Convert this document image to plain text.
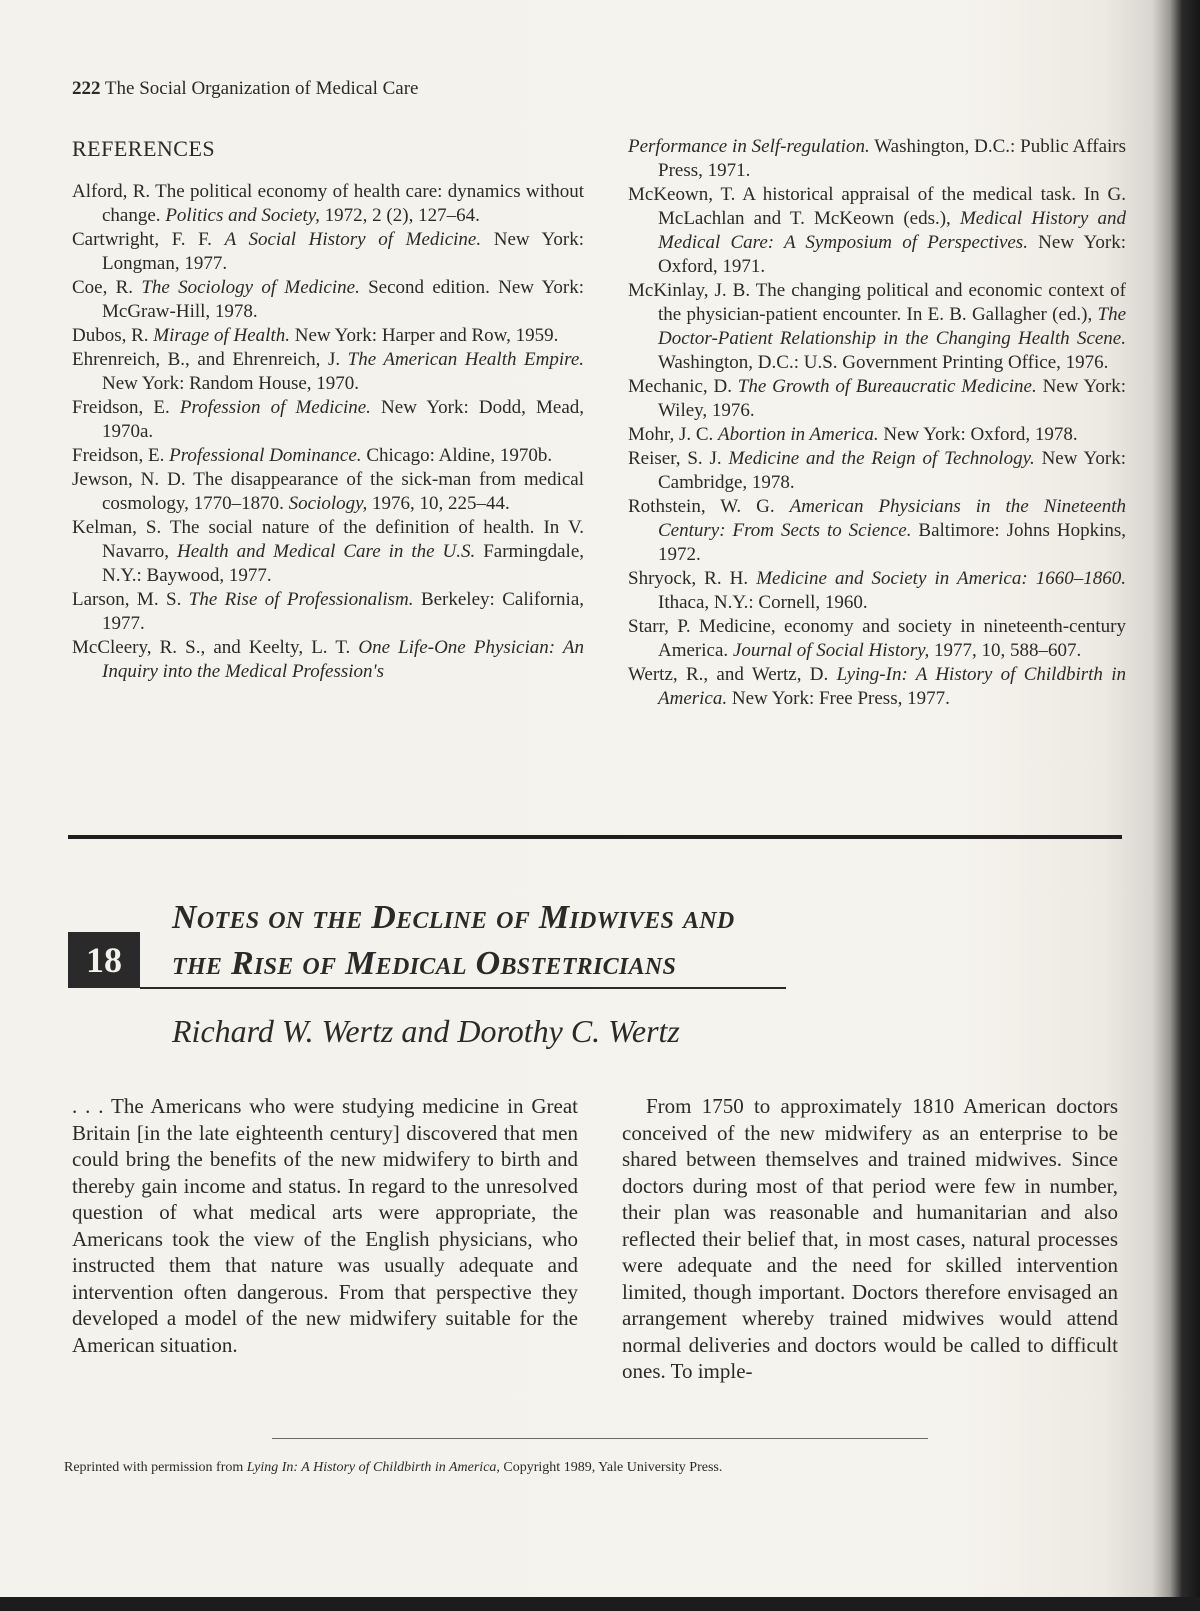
222 The Social Organization of Medical Care
REFERENCES

Alford, R. The political economy of health care: dynamics without change. Politics and Society, 1972, 2 (2), 127–64.

Cartwright, F. F. A Social History of Medicine. New York: Longman, 1977.

Coe, R. The Sociology of Medicine. Second edition. New York: McGraw-Hill, 1978.

Dubos, R. Mirage of Health. New York: Harper and Row, 1959.

Ehrenreich, B., and Ehrenreich, J. The American Health Empire. New York: Random House, 1970.

Freidson, E. Profession of Medicine. New York: Dodd, Mead, 1970a.

Freidson, E. Professional Dominance. Chicago: Aldine, 1970b.

Jewson, N. D. The disappearance of the sick-man from medical cosmology, 1770–1870. Sociology, 1976, 10, 225–44.

Kelman, S. The social nature of the definition of health. In V. Navarro, Health and Medical Care in the U.S. Farmingdale, N.Y.: Baywood, 1977.

Larson, M. S. The Rise of Professionalism. Berkeley: California, 1977.

McCleery, R. S., and Keelty, L. T. One Life-One Physician: An Inquiry into the Medical Profession's

Performance in Self-regulation. Washington, D.C.: Public Affairs Press, 1971.

McKeown, T. A historical appraisal of the medical task. In G. McLachlan and T. McKeown (eds.), Medical History and Medical Care: A Symposium of Perspectives. New York: Oxford, 1971.

McKinlay, J. B. The changing political and economic context of the physician-patient encounter. In E. B. Gallagher (ed.), The Doctor-Patient Relationship in the Changing Health Scene. Washington, D.C.: U.S. Government Printing Office, 1976.

Mechanic, D. The Growth of Bureaucratic Medicine. New York: Wiley, 1976.

Mohr, J. C. Abortion in America. New York: Oxford, 1978.

Reiser, S. J. Medicine and the Reign of Technology. New York: Cambridge, 1978.

Rothstein, W. G. American Physicians in the Nineteenth Century: From Sects to Science. Baltimore: Johns Hopkins, 1972.

Shryock, R. H. Medicine and Society in America: 1660–1860. Ithaca, N.Y.: Cornell, 1960.

Starr, P. Medicine, economy and society in nineteenth-century America. Journal of Social History, 1977, 10, 588–607.

Wertz, R., and Wertz, D. Lying-In: A History of Childbirth in America. New York: Free Press, 1977.

18
Notes on the Decline of Midwives and
the Rise of Medical Obstetricians
Richard W. Wertz and Dorothy C. Wertz
. . . The Americans who were studying medicine in Great Britain [in the late eighteenth century] discovered that men could bring the benefits of the new midwifery to birth and thereby gain income and status. In regard to the unresolved question of what medical arts were appropriate, the Americans took the view of the English physicians, who instructed them that nature was usually adequate and intervention often dangerous. From that perspective they developed a model of the new midwifery suitable for the American situation.
From 1750 to approximately 1810 American doctors conceived of the new midwifery as an enterprise to be shared between themselves and trained midwives. Since doctors during most of that period were few in number, their plan was reasonable and humanitarian and also reflected their belief that, in most cases, natural processes were adequate and the need for skilled intervention limited, though important. Doctors therefore envisaged an arrangement whereby trained midwives would attend normal deliveries and doctors would be called to difficult ones. To imple-
Reprinted with permission from Lying In: A History of Childbirth in America, Copyright 1989, Yale University Press.
